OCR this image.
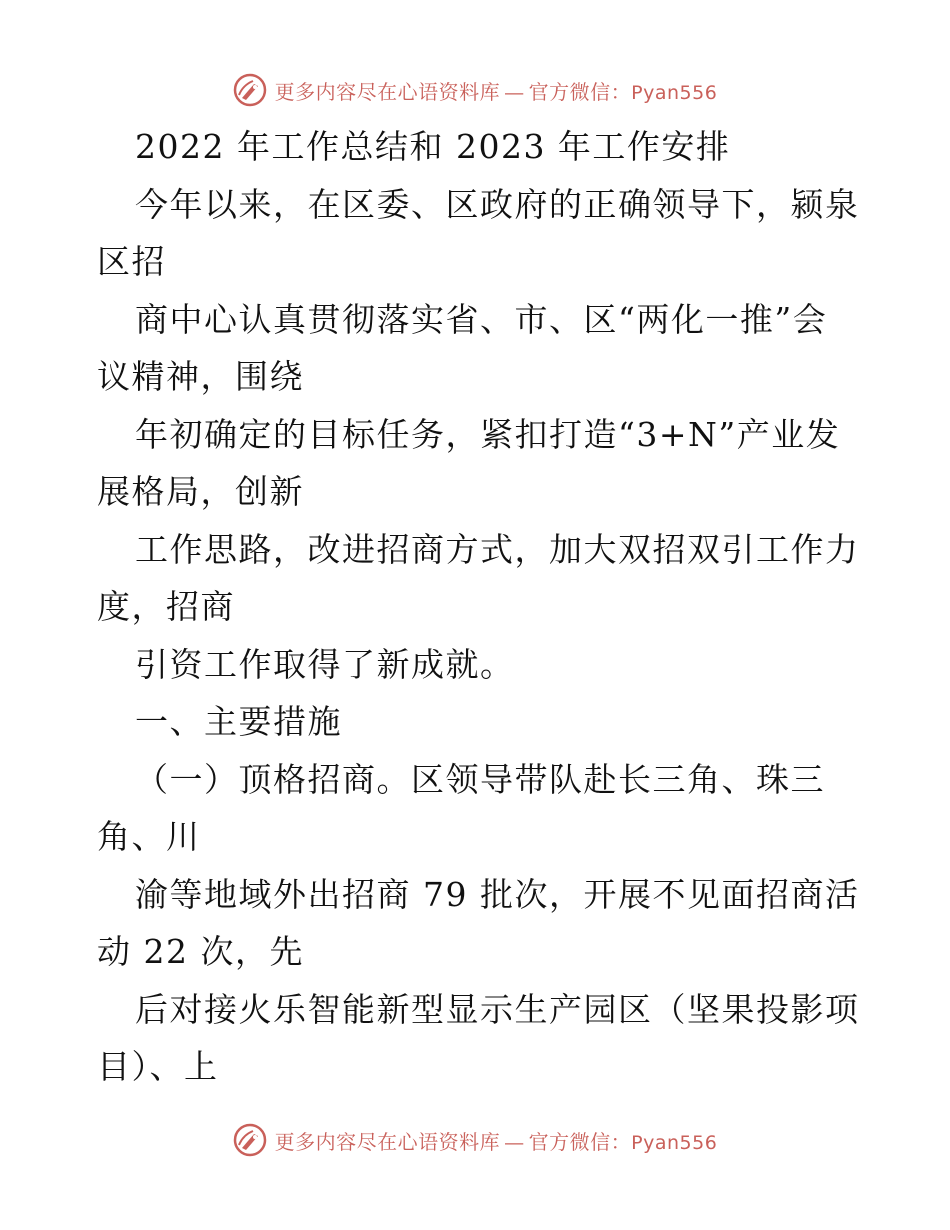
更多内容尽在心语资料库 — 官方微信：Pyan556
2022 年工作总结和 2023 年工作安排
今年以来，在区委、区政府的正确领导下，颍泉
区招
商中心认真贯彻落实省、市、区“两化一推”会
议精神，围绕
年初确定的目标任务，紧扣打造“3+N”产业发
展格局，创新
工作思路，改进招商方式，加大双招双引工作力
度，招商
引资工作取得了新成就。
一、主要措施
（一）顶格招商。区领导带队赴长三角、珠三
角、川
渝等地域外出招商 79 批次，开展不见面招商活
动 22 次，先
后对接火乐智能新型显示生产园区（坚果投影项
目）、上
更多内容尽在心语资料库 — 官方微信：Pyan556
